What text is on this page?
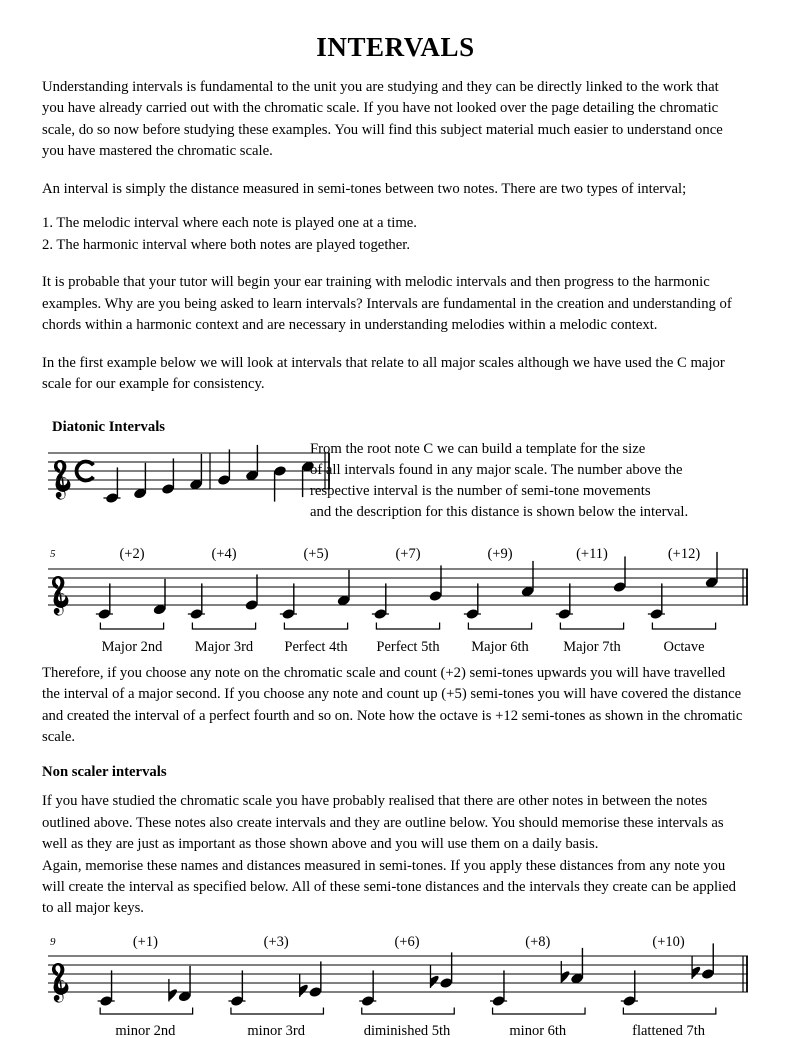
INTERVALS

Understanding intervals is fundamental to the unit you are studying and they can be directly linked to the work that you have already carried out with the chromatic scale. If you have not looked over the page detailing the chromatic scale, do so now before studying these examples. You will find this subject material much easier to understand once you have mastered the chromatic scale.

An interval is simply the distance measured in semi-tones between two notes. There are two types of interval;

1. The melodic interval where each note is played one at a time.

2. The harmonic interval where both notes are played together.

It is probable that your tutor will begin your ear training with melodic intervals and then progress to the harmonic examples. Why are you being asked to learn intervals? Intervals are fundamental in the creation and understanding of chords within a harmonic context and are necessary in understanding melodies within a melodic context.

In the first example below we will look at intervals that relate to all major scales although we have used the C major scale for our example for consistency.

Diatonic Intervals

From the root note C we can build a template for the size

of all intervals found in any major scale. The number above the

respective interval is the number of semi-tone movements

and the description for this distance is shown below the interval.

5	(+2)
Major 2nd
(+4)
Major 3rd
(+5)
Perfect 4th
(+7)
Perfect 5th
(+9)
Major 6th
(+11)
Major 7th
(+12)
Octave

Therefore, if you choose any note on the chromatic scale and count (+2) semi-tones upwards you will have travelled the interval of a major second. If you choose any note and count up (+5) semi-tones you will have covered the distance and created the interval of a perfect fourth and so on. Note how the octave is +12 semi-tones as shown in the chromatic scale.

Non scaler intervals

If you have studied the chromatic scale you have probably realised that there are other notes in between the notes outlined above. These notes also create intervals and they are outline below. You should memorise these intervals as well as they are just as important as those shown above and you will use them on a daily basis.

Again, memorise these names and distances measured in semi-tones. If you apply these distances from any note you will create the interval as specified below. All of these semi-tone distances and the intervals they create can be applied to all major keys.

9	(+1)
minor 2nd
(+3)
minor 3rd
(+6)
diminished 5th
(+8)
minor 6th
(+10)
flattened 7th
